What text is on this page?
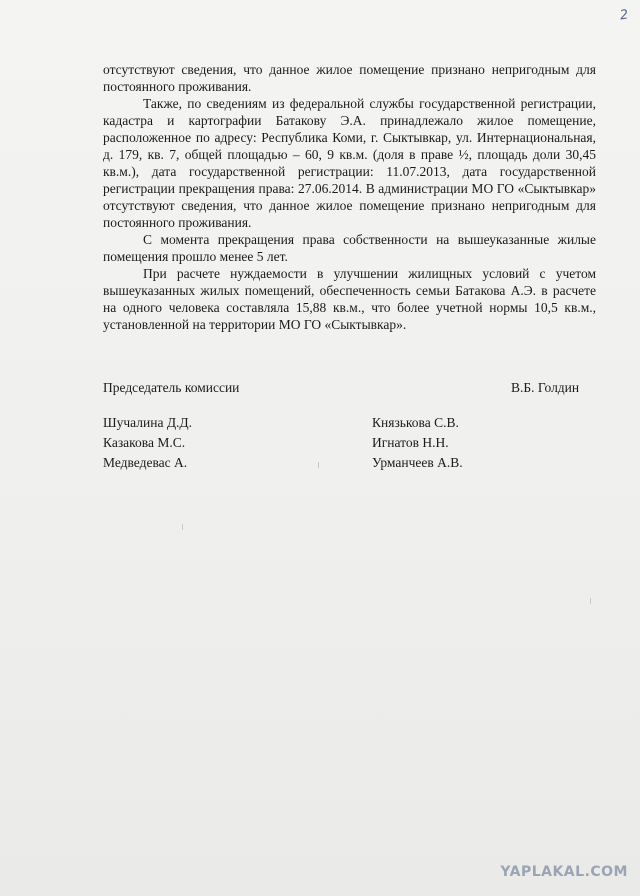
2

отсутствуют сведения, что данное жилое помещение признано непригодным для постоянного проживания.

Также, по сведениям из федеральной службы государственной регистрации, кадастра и картографии Батакову Э.А. принадлежало жилое помещение, расположенное по адресу: Республика Коми, г. Сыктывкар, ул. Интернациональная, д. 179, кв. 7, общей площадью – 60, 9 кв.м. (доля в праве ½, площадь доли 30,45 кв.м.), дата государственной регистрации: 11.07.2013, дата государственной регистрации прекращения права: 27.06.2014. В администрации МО ГО «Сыктывкар» отсутствуют сведения, что данное жилое помещение признано непригодным для постоянного проживания.

С момента прекращения права собственности на вышеуказанные жилые помещения прошло менее 5 лет.

При расчете нуждаемости в улучшении жилищных условий с учетом вышеуказанных жилых помещений, обеспеченность семьи Батакова А.Э. в расчете на одного человека составляла 15,88 кв.м., что более учетной нормы 10,5 кв.м., установленной на территории МО ГО «Сыктывкар».

Председатель комиссии	В.Б. Голдин
Шучалина Д.Д.
Казакова М.С.
Медведевас А.
Князькова С.В.
Игнатов Н.Н.
Урманчеев А.В.
YAPLAKAL.COM
